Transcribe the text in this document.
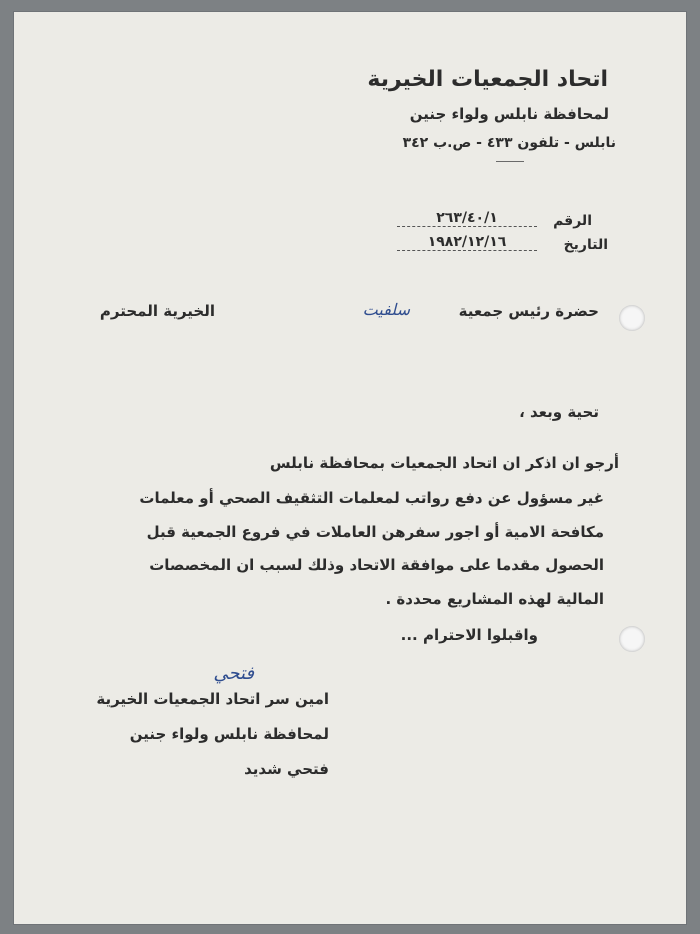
اتحاد الجمعيات الخيرية
لمحافظة نابلس ولواء جنين
نابلس - تلفون ٤٣٣ - ص.ب ٣٤٢
الرقم
٢٦٣/٤٠/١
التاريخ
١٩٨٢/١٢/١٦
حضرة رئيس جمعية
سلفيت
الخيرية المحترم
تحية وبعد ،
أرجو ان اذكر ان اتحاد الجمعيات بمحافظة نابلس
غير مسؤول عن دفع رواتب لمعلمات التثقيف الصحي أو معلمات
مكافحة الامية أو اجور سفرهن العاملات في فروع الجمعية قبل
الحصول مقدما على موافقة الاتحاد وذلك لسبب ان المخصصات
المالية لهذه المشاريع محددة .
واقبلوا الاحترام ...
فتحي
امين سر اتحاد الجمعيات الخيرية
لمحافظة نابلس ولواء جنين
فتحي شديد
